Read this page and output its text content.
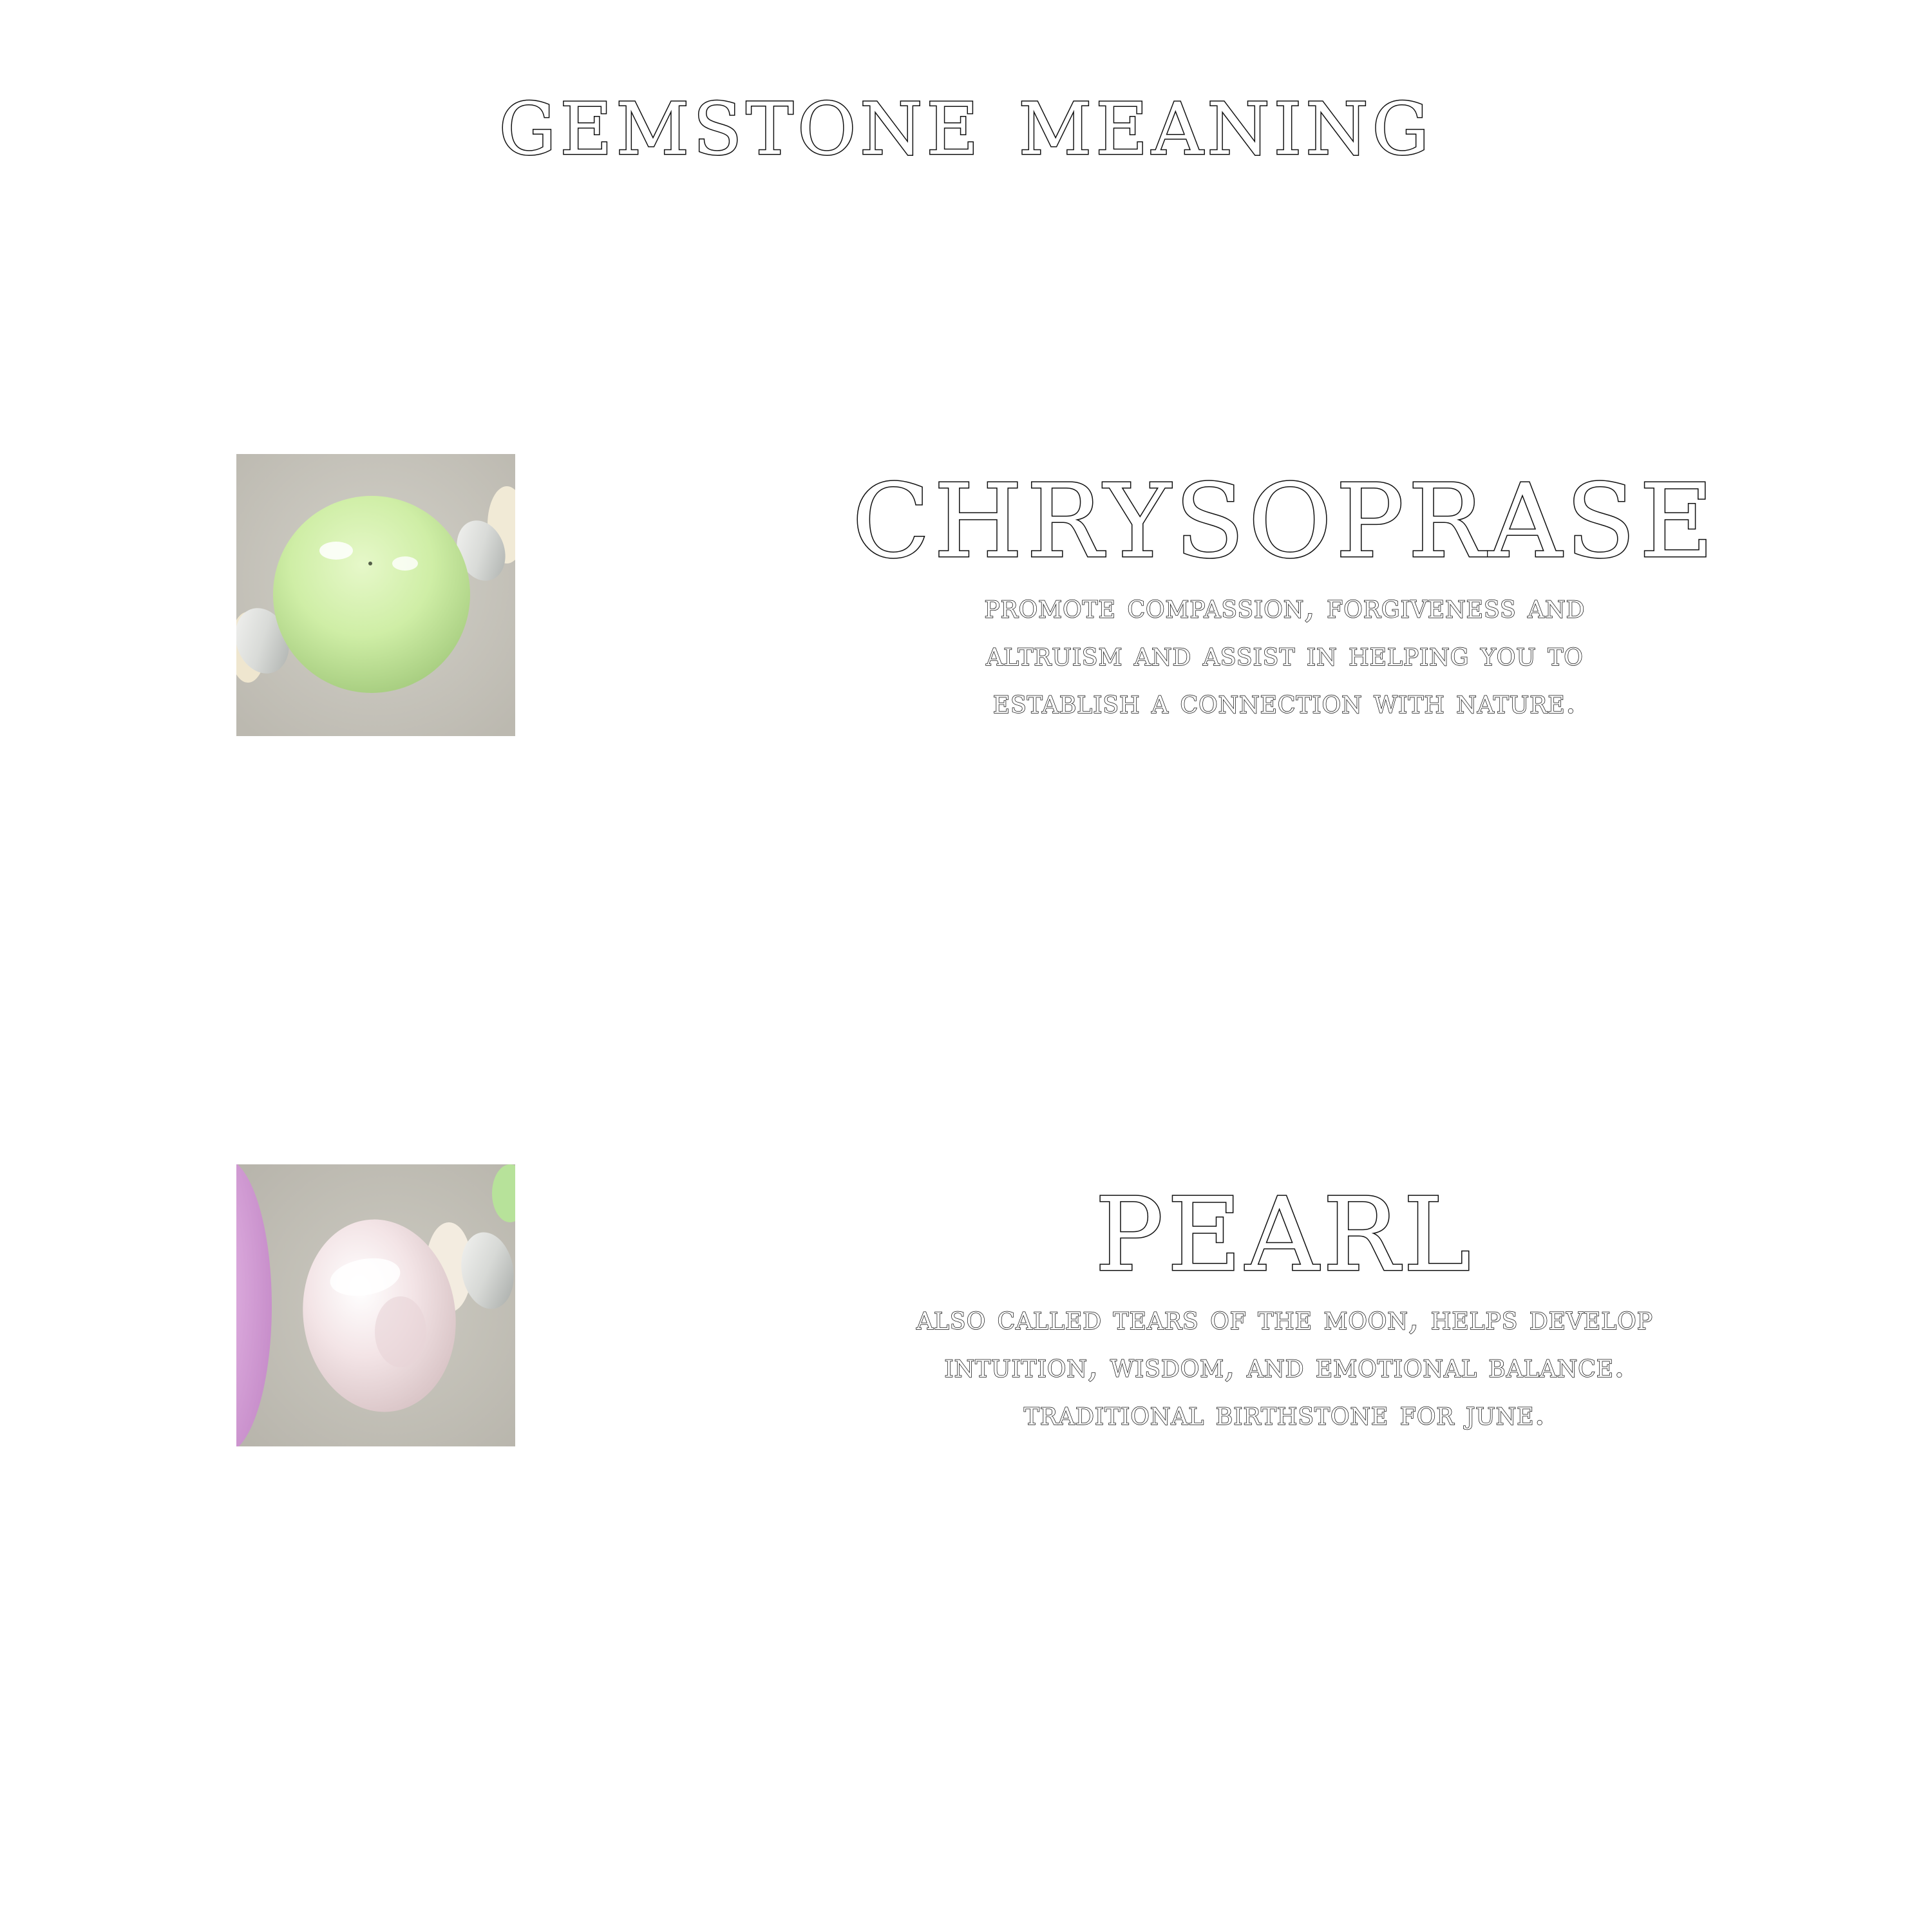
gemstone meaning
CHRYSOPRASE

promote compassion, forgiveness and
altruism and assist in helping you to
establish a connection with nature.

PEARL

also called tears of the moon, helps develop
intuition, wisdom, and emotional balance.
traditional birthstone for june.
